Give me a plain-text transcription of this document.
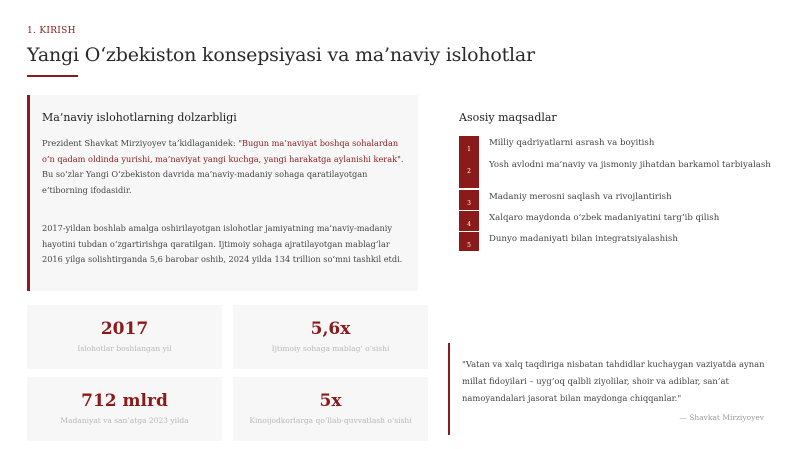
1. KIRISH
Yangi O‘zbekiston konsepsiyasi va ma’naviy islohotlar
Ma’naviy islohotlarning dolzarbligi

Prezident Shavkat Mirziyoyev ta’kidlaganidek: "Bugun ma’naviyat boshqa sohalardan o‘n qadam oldinda yurishi, ma’naviyat yangi kuchga, yangi harakatga aylanishi kerak". Bu so‘zlar Yangi O‘zbekiston davrida ma’naviy-madaniy sohaga qaratilayotgan e’tiborning ifodasidir.

2017-yildan boshlab amalga oshirilayotgan islohotlar jamiyatning ma’naviy-madaniy hayotini tubdan o‘zgartirishga qaratilgan. Ijtimoiy sohaga ajratilayotgan mablag‘lar 2016 yilga solishtirganda 5,6 barobar oshib, 2024 yilda 134 trillion so‘mni tashkil etdi.

Asosiy maqsadlar
1
Milliy qadriyatlarni asrash va boyitish
2
Yosh avlodni ma’naviy va jismoniy jihatdan barkamol tarbiyalash
3
Madaniy merosni saqlash va rivojlantirish
4
Xalqaro maydonda o‘zbek madaniyatini targ‘ib qilish
5
Dunyo madaniyati bilan integratsiyalashish
2017
Islohotlar boshlangan yil
5,6x
Ijtimoiy sohaga mablag‘ o‘sishi
712 mlrd
Madaniyat va san’atga 2023 yilda
5x
Kinoijodkorlarga qo‘llab-quvvatlash o‘sishi

"Vatan va xalq taqdiriga nisbatan tahdidlar kuchaygan vaziyatda aynan millat fidoyilari – uyg‘oq qalbli ziyolilar, shoir va adiblar, san’at namoyandalari jasorat bilan maydonga chiqqanlar."

— Shavkat Mirziyoyev
